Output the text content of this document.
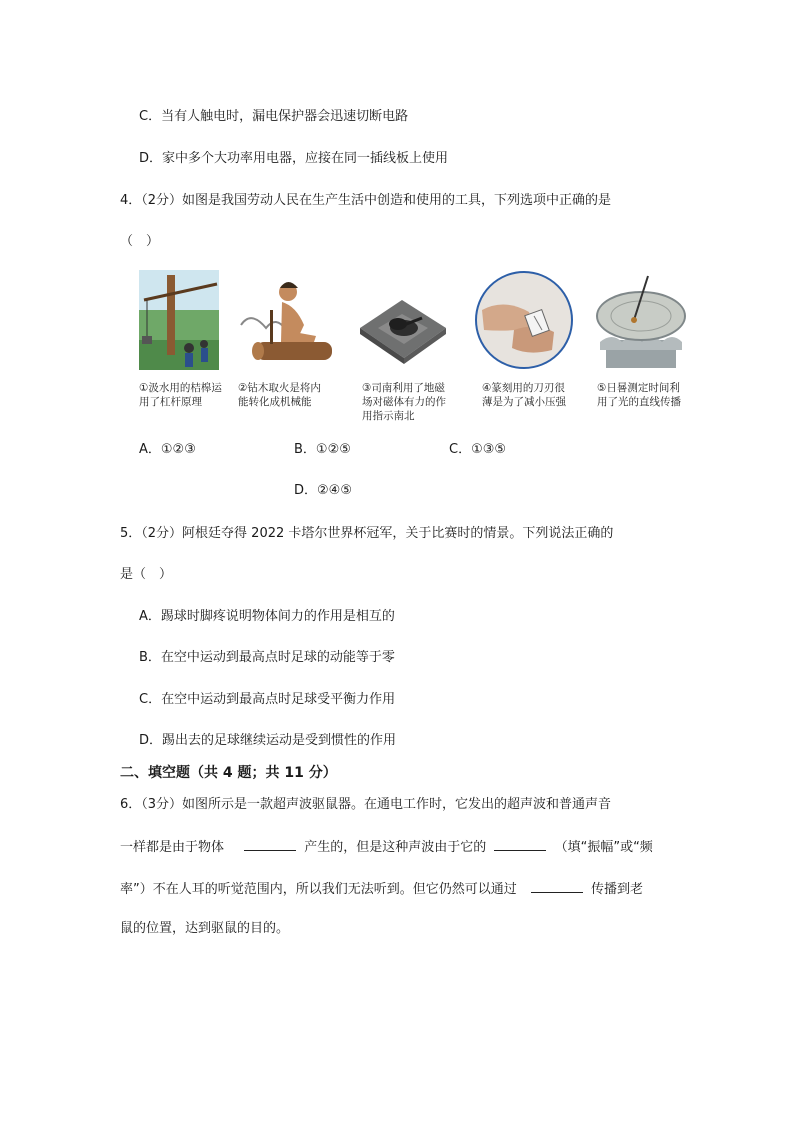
C．当有人触电时，漏电保护器会迅速切断电路
D．家中多个大功率用电器，应接在同一插线板上使用
4．（2分）如图是我国劳动人民在生产生活中创造和使用的工具，下列选项中正确的是
（　）
①汲水用的桔槔运用了杠杆原理
②钻木取火是将内能转化成机械能
③司南利用了地磁场对磁体有力的作用指示南北
④篆刻用的刀刃很薄是为了减小压强
⑤日晷测定时间利用了光的直线传播
A．①②③	B．①②⑤	C．①③⑤
D．②④⑤
5．（2分）阿根廷夺得 2022 卡塔尔世界杯冠军，关于比赛时的情景。下列说法正确的
是（　）
A．踢球时脚疼说明物体间力的作用是相互的
B．在空中运动到最高点时足球的动能等于零
C．在空中运动到最高点时足球受平衡力作用
D．踢出去的足球继续运动是受到惯性的作用
二、填空题（共 4 题；共 11 分）
6．（3分）如图所示是一款超声波驱鼠器。在通电工作时，它发出的超声波和普通声音
一样都是由于物体	产生的，但是这种声波由于它的	（填“振幅”或“频
率”）不在人耳的听觉范围内，所以我们无法听到。但它仍然可以通过	传播到老
鼠的位置，达到驱鼠的目的。
